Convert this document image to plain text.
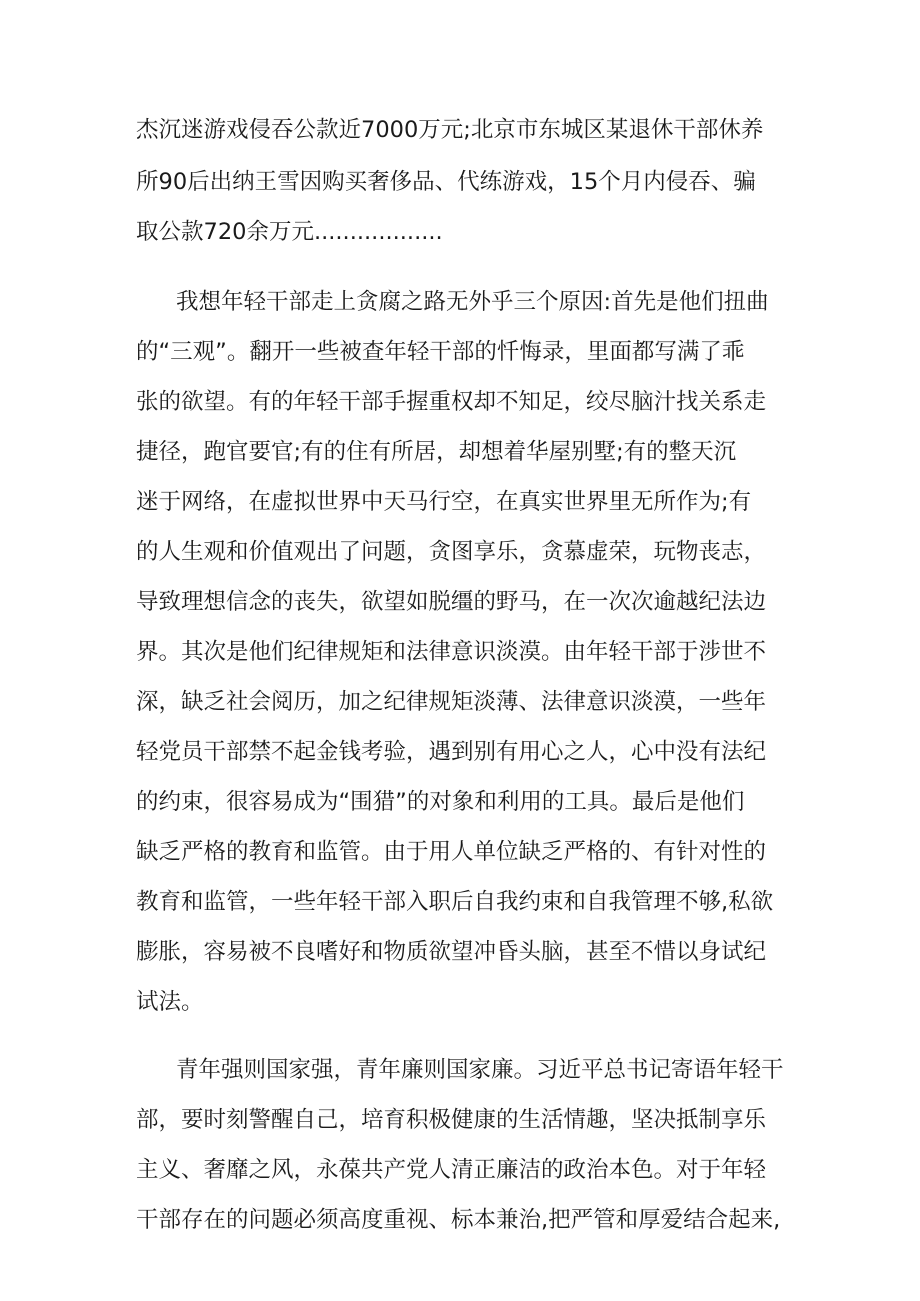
杰沉迷游戏侵吞公款近7000万元;北京市东城区某退休干部休养
所90后出纳王雪因购买奢侈品、代练游戏，15个月内侵吞、骗
取公款720余万元..................
我想年轻干部走上贪腐之路无外乎三个原因:首先是他们扭曲
的“三观”。翻开一些被查年轻干部的忏悔录，里面都写满了乖
张的欲望。有的年轻干部手握重权却不知足，绞尽脑汁找关系走
捷径，跑官要官;有的住有所居，却想着华屋别墅;有的整天沉
迷于网络，在虚拟世界中天马行空，在真实世界里无所作为;有
的人生观和价值观出了问题，贪图享乐，贪慕虚荣，玩物丧志，
导致理想信念的丧失，欲望如脱缰的野马，在一次次逾越纪法边
界。其次是他们纪律规矩和法律意识淡漠。由年轻干部于涉世不
深，缺乏社会阅历，加之纪律规矩淡薄、法律意识淡漠，一些年
轻党员干部禁不起金钱考验，遇到别有用心之人，心中没有法纪
的约束，很容易成为“围猎”的对象和利用的工具。最后是他们
缺乏严格的教育和监管。由于用人单位缺乏严格的、有针对性的
教育和监管，一些年轻干部入职后自我约束和自我管理不够,私欲
膨胀，容易被不良嗜好和物质欲望冲昏头脑，甚至不惜以身试纪
试法。
青年强则国家强，青年廉则国家廉。习近平总书记寄语年轻干
部，要时刻警醒自己，培育积极健康的生活情趣，坚决抵制享乐
主义、奢靡之风，永葆共产党人清正廉洁的政治本色。对于年轻
干部存在的问题必须高度重视、标本兼治,把严管和厚爱结合起来,
